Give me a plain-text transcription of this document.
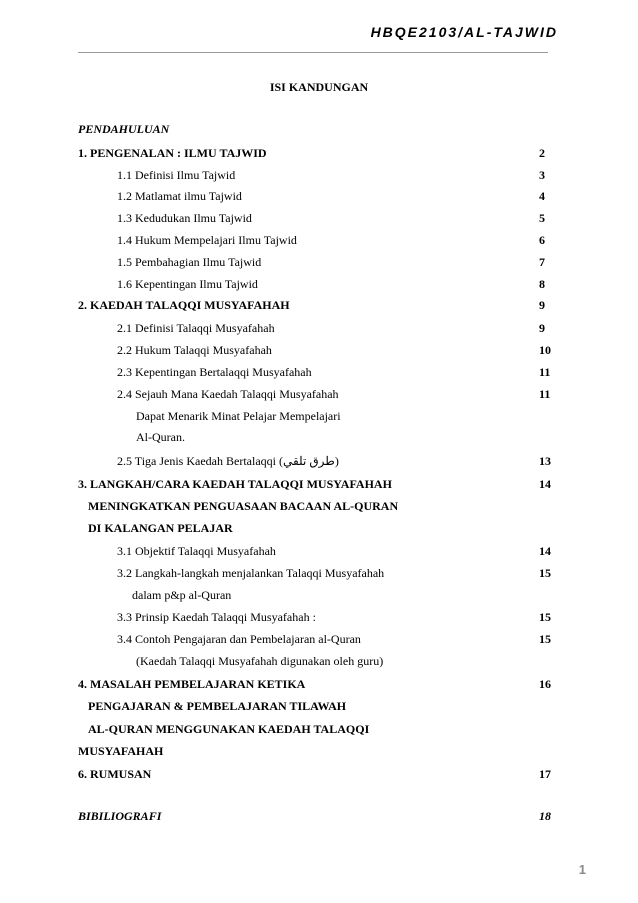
HBQE2103/AL-TAJWID
ISI KANDUNGAN
PENDAHULUAN
1. PENGENALAN : ILMU TAJWID	2
1.1 Definisi Ilmu Tajwid	3
1.2 Matlamat ilmu Tajwid	4
1.3 Kedudukan Ilmu Tajwid	5
1.4 Hukum Mempelajari Ilmu Tajwid	6
1.5 Pembahagian Ilmu Tajwid	7
1.6 Kepentingan Ilmu Tajwid	8
2. KAEDAH TALAQQI MUSYAFAHAH	9
2.1 Definisi Talaqqi Musyafahah	9
2.2 Hukum Talaqqi Musyafahah	10
2.3 Kepentingan Bertalaqqi Musyafahah	11
2.4 Sejauh Mana Kaedah Talaqqi Musyafahah	11
Dapat Menarik Minat Pelajar Mempelajari
Al-Quran.
2.5 Tiga Jenis Kaedah Bertalaqqi (طرق تلقي)	13
3. LANGKAH/CARA KAEDAH TALAQQI MUSYAFAHAH	14
MENINGKATKAN PENGUASAAN BACAAN AL-QURAN
DI KALANGAN PELAJAR
3.1 Objektif Talaqqi Musyafahah	14
3.2 Langkah-langkah menjalankan Talaqqi Musyafahah	15
dalam p&p al-Quran
3.3 Prinsip Kaedah Talaqqi Musyafahah :	15
3.4 Contoh Pengajaran dan Pembelajaran al-Quran	15
(Kaedah Talaqqi Musyafahah digunakan oleh guru)
4. MASALAH PEMBELAJARAN KETIKA	16
PENGAJARAN & PEMBELAJARAN TILAWAH
AL-QURAN MENGGUNAKAN KAEDAH TALAQQI
MUSYAFAHAH
6. RUMUSAN	17
BIBILIOGRAFI	18
1
